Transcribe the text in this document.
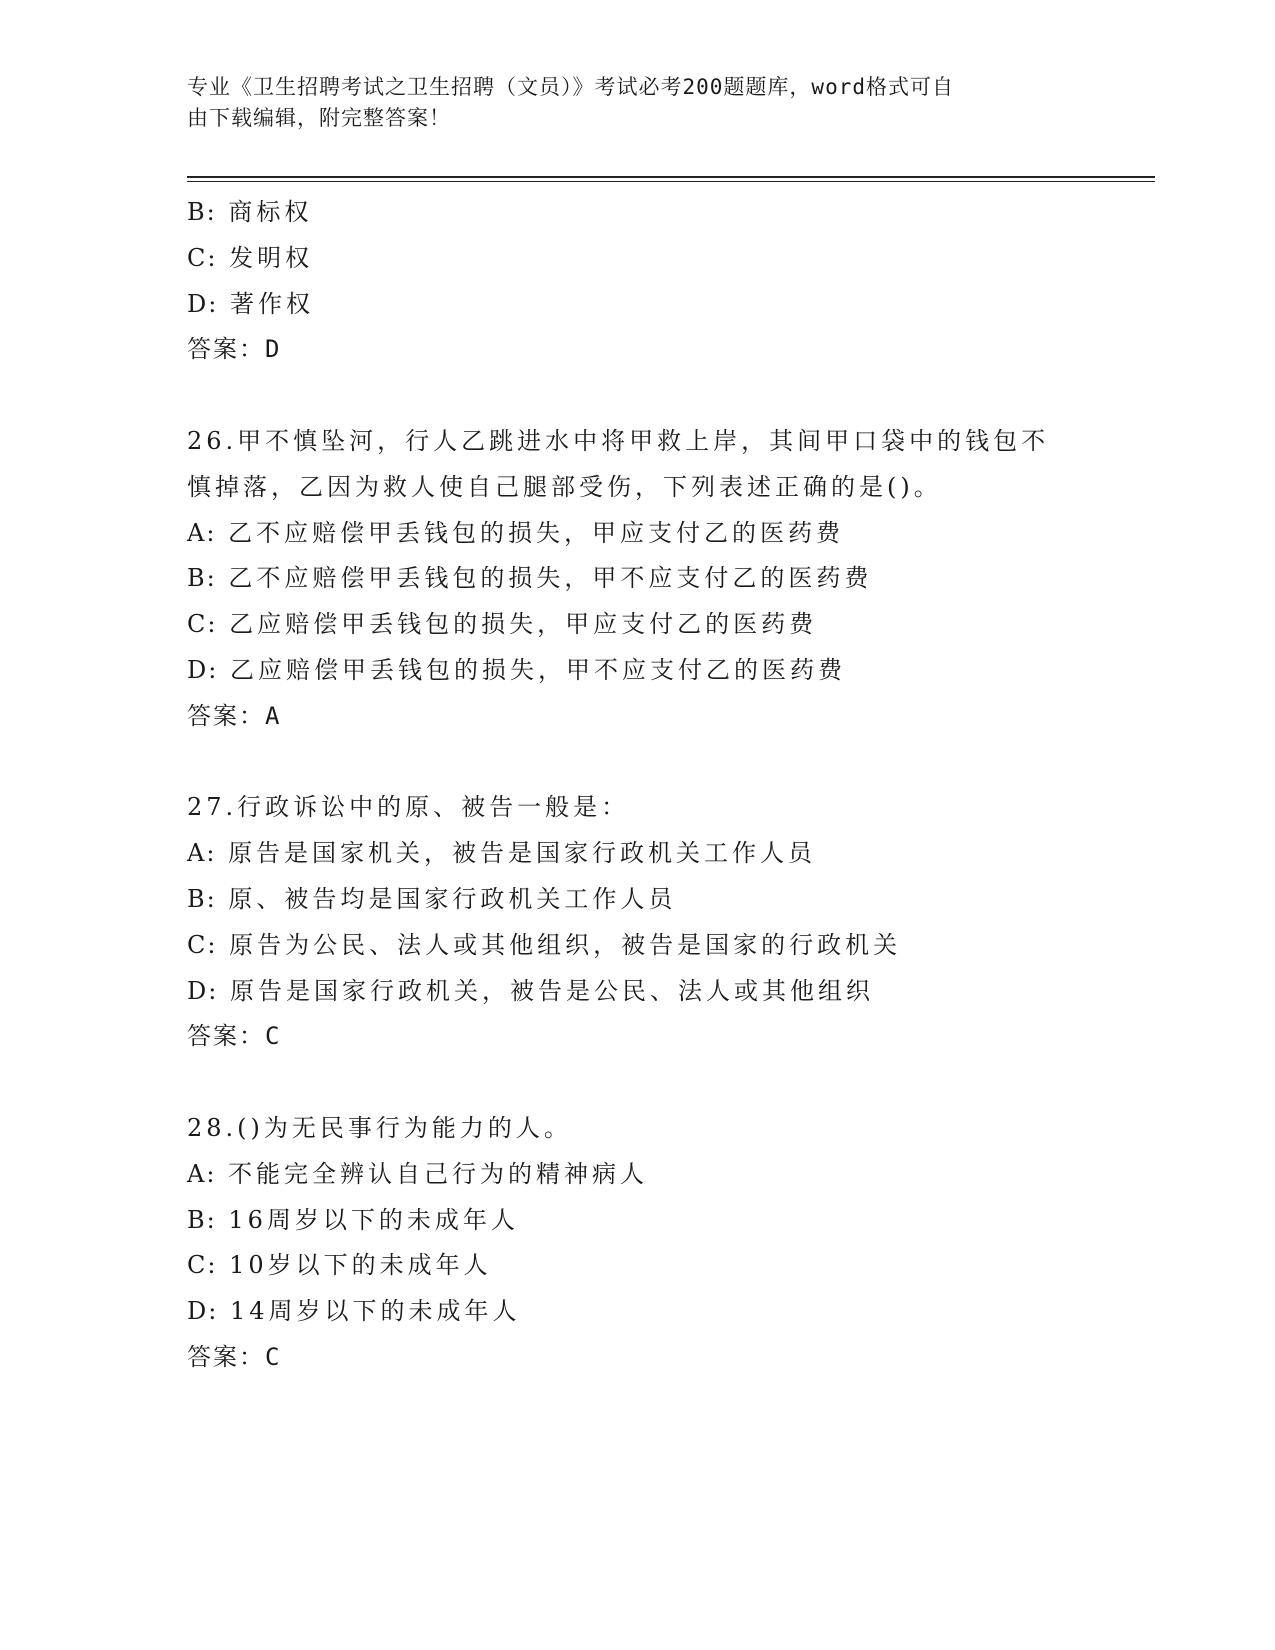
专业《卫生招聘考试之卫生招聘（文员）》考试必考200题题库，word格式可自
由下载编辑，附完整答案！
B: 商标权
C: 发明权
D: 著作权
答案：D
26.甲不慎坠河，行人乙跳进水中将甲救上岸，其间甲口袋中的钱包不
慎掉落，乙因为救人使自己腿部受伤，下列表述正确的是()。
A: 乙不应赔偿甲丢钱包的损失，甲应支付乙的医药费
B: 乙不应赔偿甲丢钱包的损失，甲不应支付乙的医药费
C: 乙应赔偿甲丢钱包的损失，甲应支付乙的医药费
D: 乙应赔偿甲丢钱包的损失，甲不应支付乙的医药费
答案：A
27.行政诉讼中的原、被告一般是：
A: 原告是国家机关，被告是国家行政机关工作人员
B: 原、被告均是国家行政机关工作人员
C: 原告为公民、法人或其他组织，被告是国家的行政机关
D: 原告是国家行政机关，被告是公民、法人或其他组织
答案：C
28.()为无民事行为能力的人。
A: 不能完全辨认自己行为的精神病人
B: 16周岁以下的未成年人
C: 10岁以下的未成年人
D: 14周岁以下的未成年人
答案：C
